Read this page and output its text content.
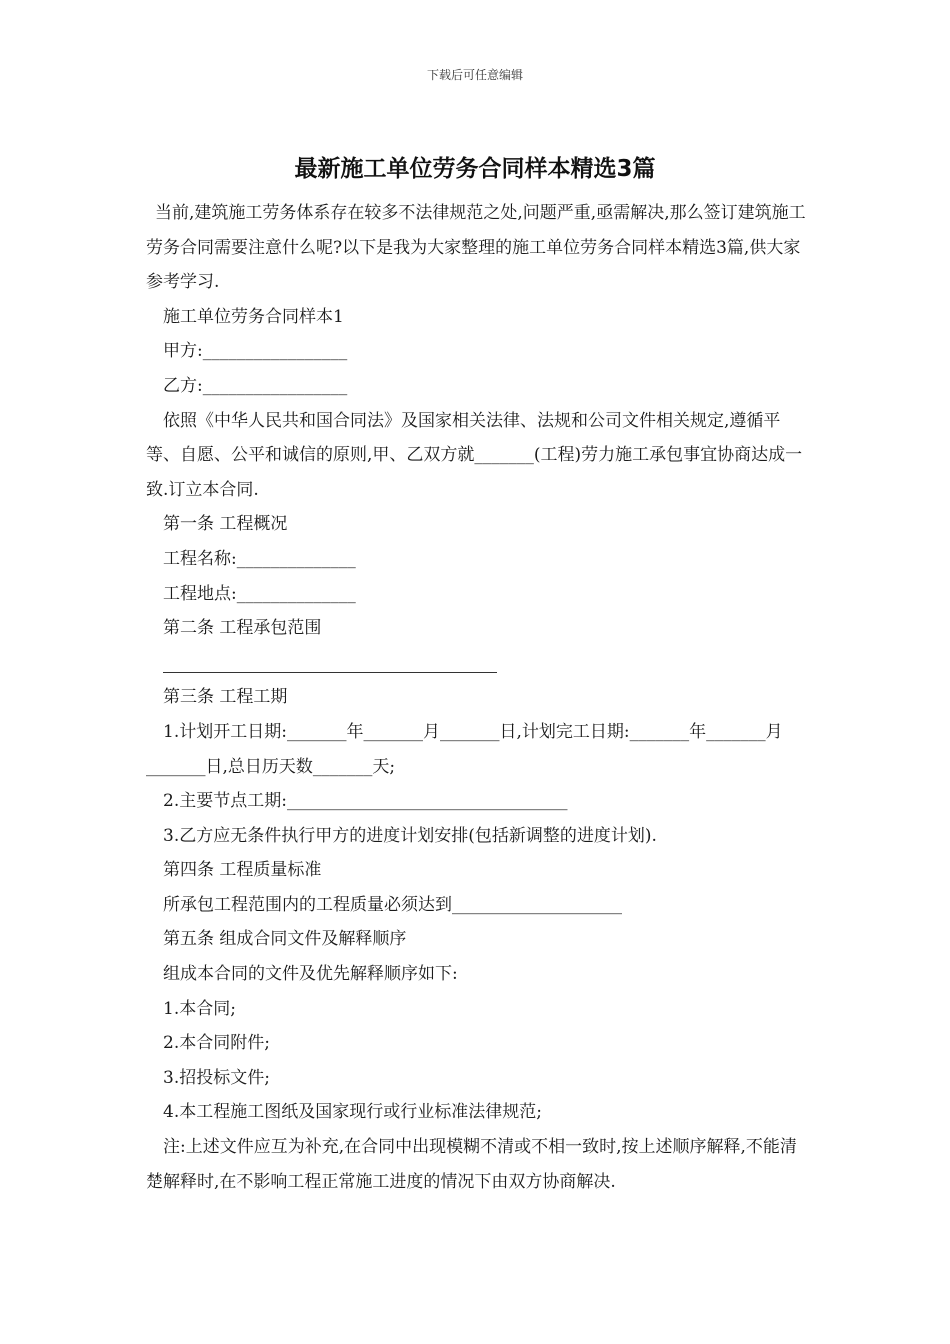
下载后可任意编辑
最新施工单位劳务合同样本精选3篇

当前,建筑施工劳务体系存在较多不法律规范之处,问题严重,亟需解决,那么签订建筑施工劳务合同需要注意什么呢?以下是我为大家整理的施工单位劳务合同样本精选3篇,供大家参考学习.

施工单位劳务合同样本1

甲方:_________________

乙方:_________________

依照《中华人民共和国合同法》及国家相关法律、法规和公司文件相关规定,遵循平等、自愿、公平和诚信的原则,甲、乙双方就_______(工程)劳力施工承包事宜协商达成一致.订立本合同.

第一条 工程概况

工程名称:______________

工程地点:______________

第二条 工程承包范围

第三条 工程工期

1.计划开工日期:_______年_______月_______日,计划完工日期:_______年_______月_______日,总日历天数_______天;

2.主要节点工期:_________________________________

3.乙方应无条件执行甲方的进度计划安排(包括新调整的进度计划).

第四条 工程质量标准

所承包工程范围内的工程质量必须达到____________________

第五条 组成合同文件及解释顺序

组成本合同的文件及优先解释顺序如下:

1.本合同;

2.本合同附件;

3.招投标文件;

4.本工程施工图纸及国家现行或行业标准法律规范;

注:上述文件应互为补充,在合同中出现模糊不清或不相一致时,按上述顺序解释,不能清楚解释时,在不影响工程正常施工进度的情况下由双方协商解决.
